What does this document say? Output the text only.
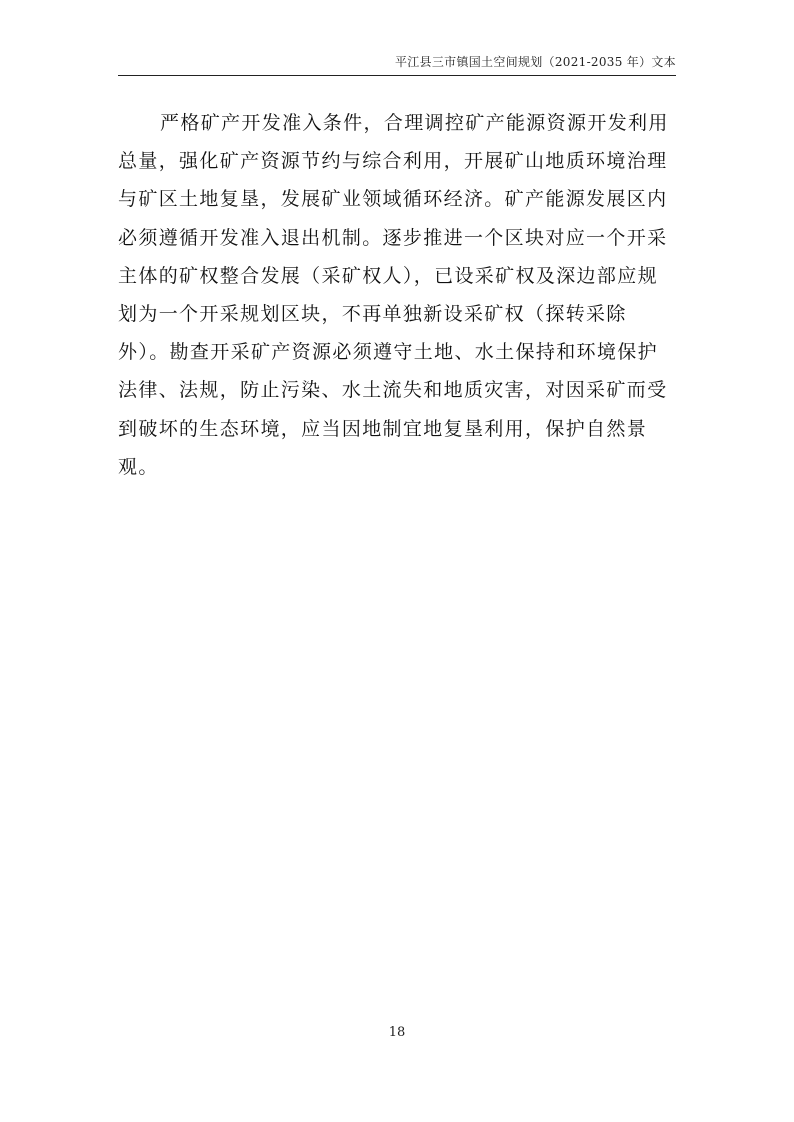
平江县三市镇国土空间规划（2021-2035 年）文本
严格矿产开发准入条件，合理调控矿产能源资源开发利用
总量，强化矿产资源节约与综合利用，开展矿山地质环境治理
与矿区土地复垦，发展矿业领域循环经济。矿产能源发展区内
必须遵循开发准入退出机制。逐步推进一个区块对应一个开采
主体的矿权整合发展（采矿权人），已设采矿权及深边部应规
划为一个开采规划区块，不再单独新设采矿权（探转采除
外）。勘查开采矿产资源必须遵守土地、水土保持和环境保护
法律、法规，防止污染、水土流失和地质灾害，对因采矿而受
到破坏的生态环境，应当因地制宜地复垦利用，保护自然景
观。
18
